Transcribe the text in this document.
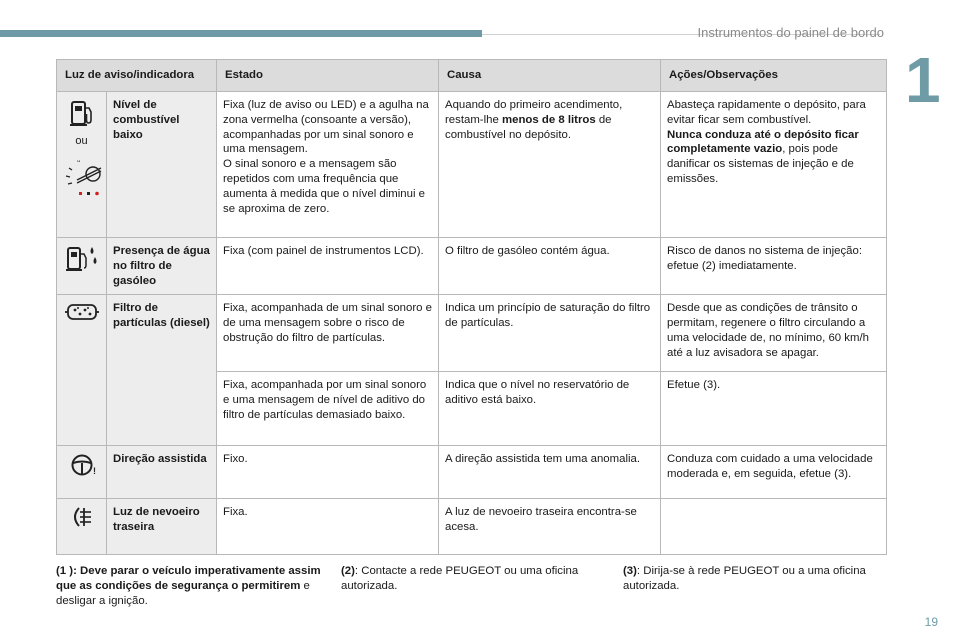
Instrumentos do painel de bordo
1
Luz de aviso/indicadora		Estado	Causa	Ações/Observações

ou
ᴗ	Nível de combustível baixo	Fixa (luz de aviso ou LED) e a agulha na zona vermelha (consoante a versão), acompanhadas por um sinal sonoro e uma mensagem.
O sinal sonoro e a mensagem são repetidos com uma frequência que aumenta à medida que o nível diminui e se aproxima de zero.	Aquando do primeiro acendimento, restam-lhe menos de 8 litros de combustível no depósito.	Abasteça rapidamente o depósito, para evitar ficar sem combustível.
Nunca conduza até o depósito ficar completamente vazio, pois pode danificar os sistemas de injeção e de emissões.

	Presença de água no filtro de gasóleo	Fixa (com painel de instrumentos LCD).	O filtro de gasóleo contém água.	Risco de danos no sistema de injeção: efetue (2) imediatamente.

	Filtro de partículas (diesel)	Fixa, acompanhada de um sinal sonoro e de uma mensagem sobre o risco de obstrução do filtro de partículas.	Indica um princípio de saturação do filtro de partículas.	Desde que as condições de trânsito o permitam, regenere o filtro circulando a uma velocidade de, no mínimo, 60 km/h até a luz avisadora se apagar.
		Fixa, acompanhada por um sinal sonoro e uma mensagem de nível de aditivo do filtro de partículas demasiado baixo.	Indica que o nível no reservatório de aditivo está baixo.	Efetue (3).

!	Direção assistida	Fixo.	A direção assistida tem uma anomalia.	Conduza com cuidado a uma velocidade moderada e, em seguida, efetue (3).

	Luz de nevoeiro traseira	Fixa.	A luz de nevoeiro traseira encontra-se acesa.	
(1 ): Deve parar o veículo imperativamente assim que as condições de segurança o permitirem e desligar a ignição.
(2): Contacte a rede PEUGEOT ou uma oficina autorizada.
(3): Dirija-se à rede PEUGEOT ou a uma oficina autorizada.
19
